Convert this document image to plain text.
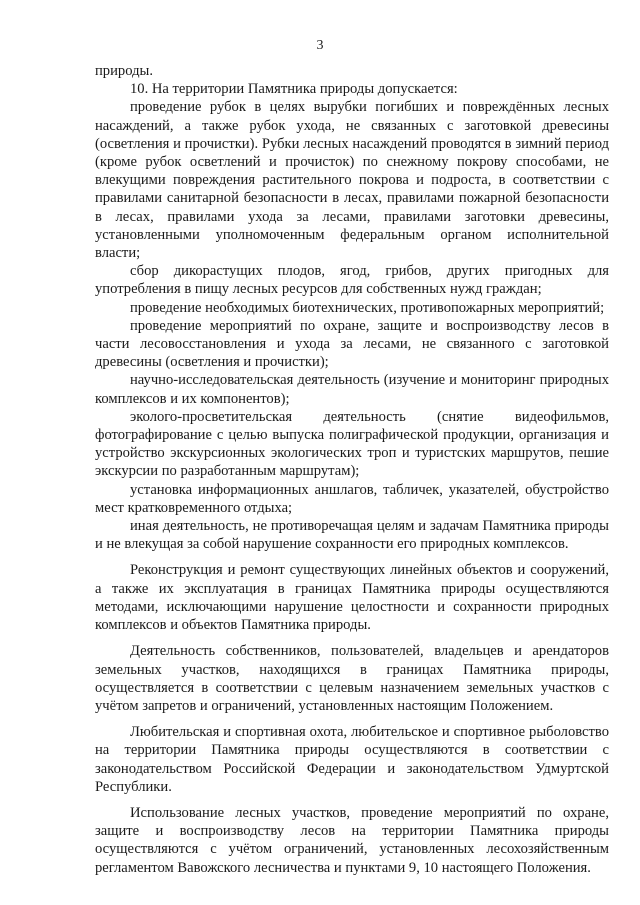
3

природы.

10. На территории Памятника природы допускается:

проведение рубок в целях вырубки погибших и повреждённых лесных насаждений, а также рубок ухода, не связанных с заготовкой древесины (осветления и прочистки). Рубки лесных насаждений проводятся в зимний период (кроме рубок осветлений и прочисток) по снежному покрову способами, не влекущими повреждения растительного покрова и подроста, в соответствии с правилами санитарной безопасности в лесах, правилами пожарной безопасности в лесах, правилами ухода за лесами, правилами заготовки древесины, установленными уполномоченным федеральным органом исполнительной власти;

сбор дикорастущих плодов, ягод, грибов, других пригодных для употребления в пищу лесных ресурсов для собственных нужд граждан;

проведение необходимых биотехнических, противопожарных мероприятий;

проведение мероприятий по охране, защите и воспроизводству лесов в части лесовосстановления и ухода за лесами, не связанного с заготовкой древесины (осветления и прочистки);

научно-исследовательская деятельность (изучение и мониторинг природных комплексов и их компонентов);

эколого-просветительская деятельность (снятие видеофильмов, фотографирование с целью выпуска полиграфической продукции, организация и устройство экскурсионных экологических троп и туристских маршрутов, пешие экскурсии по разработанным маршрутам);

установка информационных аншлагов, табличек, указателей, обустройство мест кратковременного отдыха;

иная деятельность, не противоречащая целям и задачам Памятника природы и не влекущая за собой нарушение сохранности его природных комплексов.

Реконструкция и ремонт существующих линейных объектов и сооружений, а также их эксплуатация в границах Памятника природы осуществляются методами, исключающими нарушение целостности и сохранности природных комплексов и объектов Памятника природы.

Деятельность собственников, пользователей, владельцев и арендаторов земельных участков, находящихся в границах Памятника природы, осуществляется в соответствии с целевым назначением земельных участков с учётом запретов и ограничений, установленных настоящим Положением.

Любительская и спортивная охота, любительское и спортивное рыболовство на территории Памятника природы осуществляются в соответствии с законодательством Российской Федерации и законодательством Удмуртской Республики.

Использование лесных участков, проведение мероприятий по охране, защите и воспроизводству лесов на территории Памятника природы осуществляются с учётом ограничений, установленных лесохозяйственным регламентом Вавожского лесничества и пунктами 9, 10 настоящего Положения.
